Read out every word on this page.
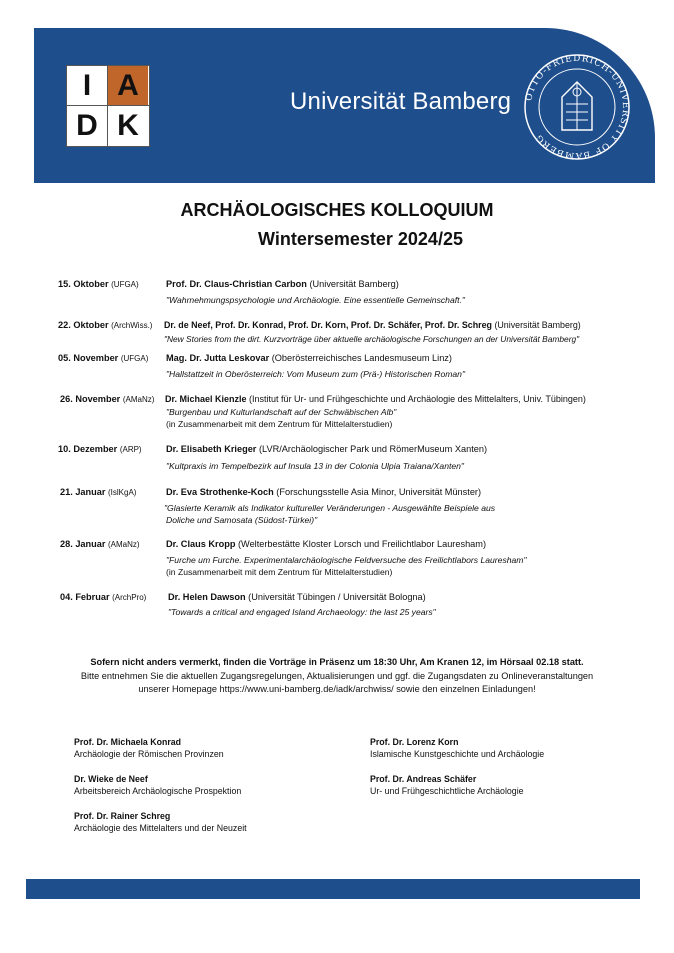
I A
D K
Universität Bamberg OTTO-FRIEDRICH-UNIVERSITY OF BAMBERG
ARCHÄOLOGISCHES KOLLOQUIUM
Wintersemester 2024/25
15. Oktober (UFGA)	Prof. Dr. Claus-Christian Carbon (Universität Bamberg)
"Wahrnehmungspsychologie und Archäologie. Eine essentielle Gemeinschaft."
22. Oktober (ArchWiss.) Dr. de Neef, Prof. Dr. Konrad, Prof. Dr. Korn, Prof. Dr. Schäfer, Prof. Dr. Schreg (Universität Bamberg)
"New Stories from the dirt. Kurzvorträge über aktuelle archäologische Forschungen an der Universität Bamberg"
05. November (UFGA) Mag. Dr. Jutta Leskovar (Oberösterreichisches Landesmuseum Linz)
"Hallstattzeit in Oberösterreich: Vom Museum zum (Prä-) Historischen Roman"
26. November (AMaNz) Dr. Michael Kienzle (Institut für Ur- und Frühgeschichte und Archäologie des Mittelalters, Univ. Tübingen)
"Burgenbau und Kulturlandschaft auf der Schwäbischen Alb"
(in Zusammenarbeit mit dem Zentrum für Mittelalterstudien)
10. Dezember (ARP)	Dr. Elisabeth Krieger (LVR/Archäologischer Park und RömerMuseum Xanten)
"Kultpraxis im Tempelbezirk auf Insula 13 in der Colonia Ulpia Traiana/Xanten"
21. Januar (IslKgA)	Dr. Eva Strothenke-Koch (Forschungsstelle Asia Minor, Universität Münster)
"Glasierte Keramik als Indikator kultureller Veränderungen - Ausgewählte Beispiele aus
Doliche und Samosata (Südost-Türkei)"
28. Januar (AMaNz)	Dr. Claus Kropp (Welterbestätte Kloster Lorsch und Freilichtlabor Lauresham)
"Furche um Furche. Experimentalarchäologische Feldversuche des Freilichtlabors Lauresham"
(in Zusammenarbeit mit dem Zentrum für Mittelalterstudien)
04. Februar (ArchPro) Dr. Helen Dawson (Universität Tübingen / Universität Bologna)
"Towards a critical and engaged Island Archaeology: the last 25 years"
Sofern nicht anders vermerkt, finden die Vorträge in Präsenz um 18:30 Uhr, Am Kranen 12, im Hörsaal 02.18 statt.
Bitte entnehmen Sie die aktuellen Zugangsregelungen, Aktualisierungen und ggf. die Zugangsdaten zu Onlineveranstaltungen
unserer Homepage https://www.uni-bamberg.de/iadk/archwiss/ sowie den einzelnen Einladungen!
Prof. Dr. Michaela Konrad
Archäologie der Römischen Provinzen
Prof. Dr. Lorenz Korn
Islamische Kunstgeschichte und Archäologie
Dr. Wieke de Neef
Arbeitsbereich Archäologische Prospektion
Prof. Dr. Andreas Schäfer
Ur- und Frühgeschichtliche Archäologie
Prof. Dr. Rainer Schreg
Archäologie des Mittelalters und der Neuzeit
